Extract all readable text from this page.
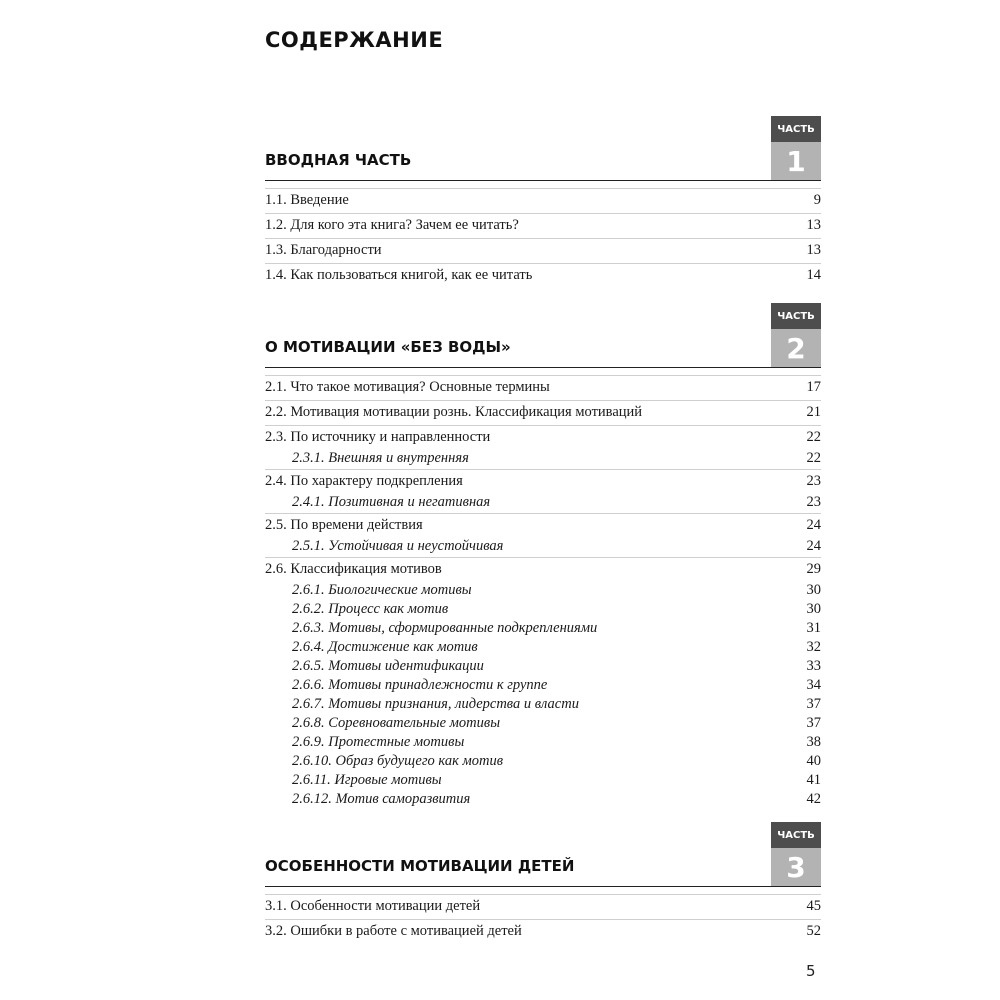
СОДЕРЖАНИЕ
ЧАСТЬ
1
ВВОДНАЯ ЧАСТЬ
1.1. Введение	9
1.2. Для кого эта книга? Зачем ее читать?	13
1.3. Благодарности	13
1.4. Как пользоваться книгой, как ее читать	14
ЧАСТЬ
2
О МОТИВАЦИИ «БЕЗ ВОДЫ»
2.1. Что такое мотивация? Основные термины	17
2.2. Мотивация мотивации рознь. Классификация мотиваций	21
2.3. По источнику и направленности	22
2.3.1. Внешняя и внутренняя	22
2.4. По характеру подкрепления	23
2.4.1. Позитивная и негативная	23
2.5. По времени действия	24
2.5.1. Устойчивая и неустойчивая	24
2.6. Классификация мотивов	29
2.6.1. Биологические мотивы	30
2.6.2. Процесс как мотив	30
2.6.3. Мотивы, сформированные подкреплениями	31
2.6.4. Достижение как мотив	32
2.6.5. Мотивы идентификации	33
2.6.6. Мотивы принадлежности к группе	34
2.6.7. Мотивы признания, лидерства и власти	37
2.6.8. Соревновательные мотивы	37
2.6.9. Протестные мотивы	38
2.6.10. Образ будущего как мотив	40
2.6.11. Игровые мотивы	41
2.6.12. Мотив саморазвития	42
ЧАСТЬ
3
ОСОБЕННОСТИ МОТИВАЦИИ ДЕТЕЙ
3.1. Особенности мотивации детей	45
3.2. Ошибки в работе с мотивацией детей	52
5
